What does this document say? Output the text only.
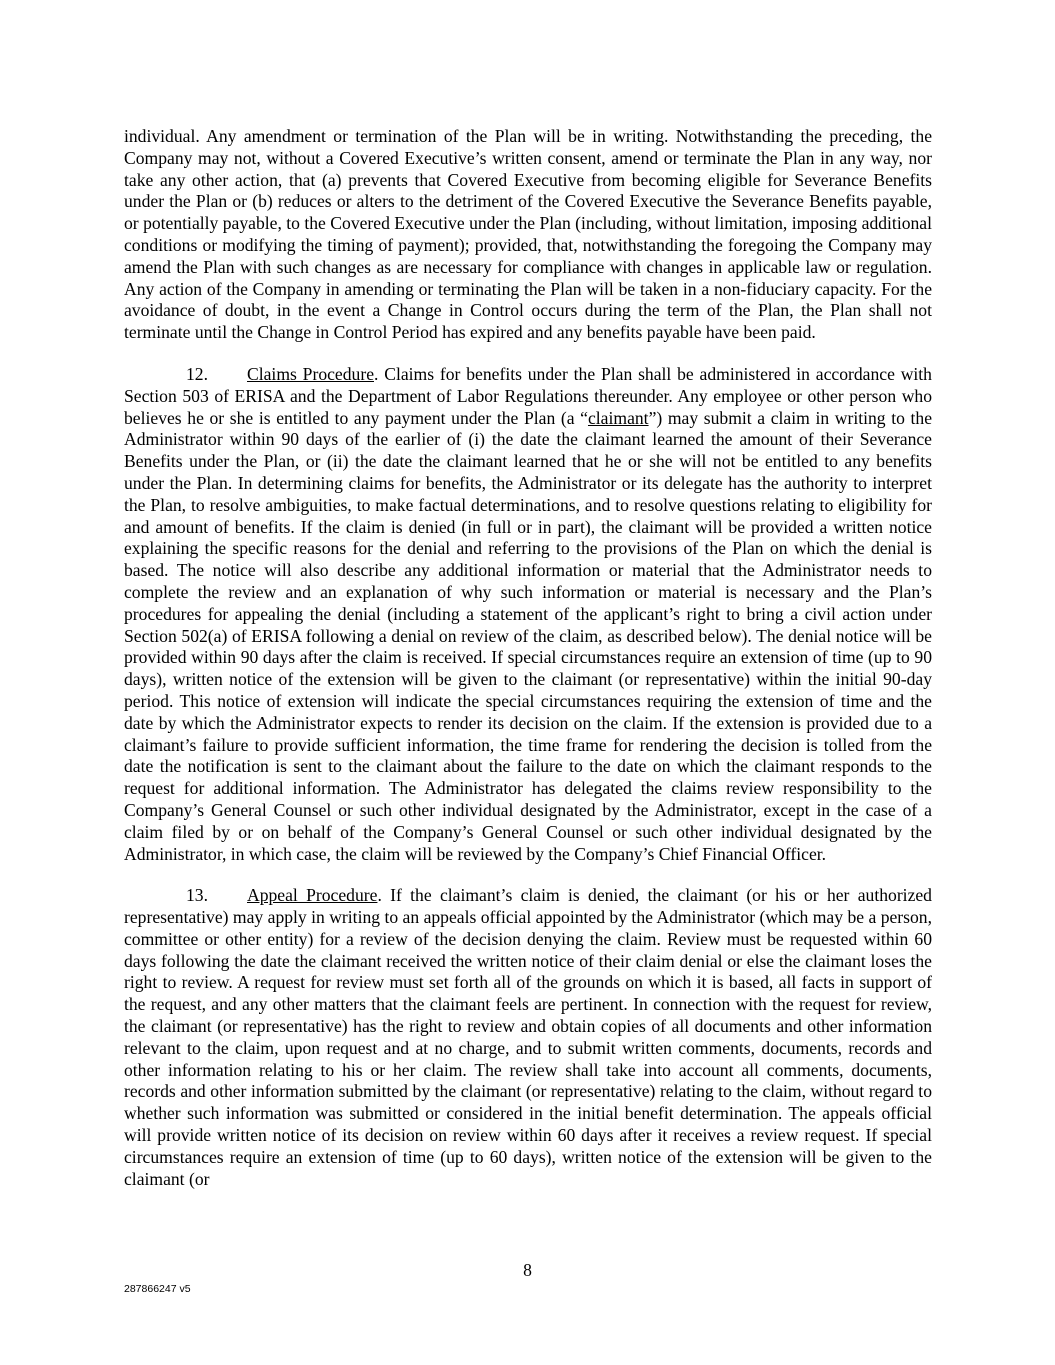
individual. Any amendment or termination of the Plan will be in writing. Notwithstanding the preceding, the Company may not, without a Covered Executive’s written consent, amend or terminate the Plan in any way, nor take any other action, that (a) prevents that Covered Executive from becoming eligible for Severance Benefits under the Plan or (b) reduces or alters to the detriment of the Covered Executive the Severance Benefits payable, or potentially payable, to the Covered Executive under the Plan (including, without limitation, imposing additional conditions or modifying the timing of payment); provided, that, notwithstanding the foregoing the Company may amend the Plan with such changes as are necessary for compliance with changes in applicable law or regulation. Any action of the Company in amending or terminating the Plan will be taken in a non-fiduciary capacity. For the avoidance of doubt, in the event a Change in Control occurs during the term of the Plan, the Plan shall not terminate until the Change in Control Period has expired and any benefits payable have been paid.

12. Claims Procedure. Claims for benefits under the Plan shall be administered in accordance with Section 503 of ERISA and the Department of Labor Regulations thereunder. Any employee or other person who believes he or she is entitled to any payment under the Plan (a “claimant”) may submit a claim in writing to the Administrator within 90 days of the earlier of (i) the date the claimant learned the amount of their Severance Benefits under the Plan, or (ii) the date the claimant learned that he or she will not be entitled to any benefits under the Plan. In determining claims for benefits, the Administrator or its delegate has the authority to interpret the Plan, to resolve ambiguities, to make factual determinations, and to resolve questions relating to eligibility for and amount of benefits. If the claim is denied (in full or in part), the claimant will be provided a written notice explaining the specific reasons for the denial and referring to the provisions of the Plan on which the denial is based. The notice will also describe any additional information or material that the Administrator needs to complete the review and an explanation of why such information or material is necessary and the Plan’s procedures for appealing the denial (including a statement of the applicant’s right to bring a civil action under Section 502(a) of ERISA following a denial on review of the claim, as described below). The denial notice will be provided within 90 days after the claim is received. If special circumstances require an extension of time (up to 90 days), written notice of the extension will be given to the claimant (or representative) within the initial 90-day period. This notice of extension will indicate the special circumstances requiring the extension of time and the date by which the Administrator expects to render its decision on the claim. If the extension is provided due to a claimant’s failure to provide sufficient information, the time frame for rendering the decision is tolled from the date the notification is sent to the claimant about the failure to the date on which the claimant responds to the request for additional information. The Administrator has delegated the claims review responsibility to the Company’s General Counsel or such other individual designated by the Administrator, except in the case of a claim filed by or on behalf of the Company’s General Counsel or such other individual designated by the Administrator, in which case, the claim will be reviewed by the Company’s Chief Financial Officer.

13. Appeal Procedure. If the claimant’s claim is denied, the claimant (or his or her authorized representative) may apply in writing to an appeals official appointed by the Administrator (which may be a person, committee or other entity) for a review of the decision denying the claim. Review must be requested within 60 days following the date the claimant received the written notice of their claim denial or else the claimant loses the right to review. A request for review must set forth all of the grounds on which it is based, all facts in support of the request, and any other matters that the claimant feels are pertinent. In connection with the request for review, the claimant (or representative) has the right to review and obtain copies of all documents and other information relevant to the claim, upon request and at no charge, and to submit written comments, documents, records and other information relating to his or her claim. The review shall take into account all comments, documents, records and other information submitted by the claimant (or representative) relating to the claim, without regard to whether such information was submitted or considered in the initial benefit determination. The appeals official will provide written notice of its decision on review within 60 days after it receives a review request. If special circumstances require an extension of time (up to 60 days), written notice of the extension will be given to the claimant (or

8
287866247 v5
